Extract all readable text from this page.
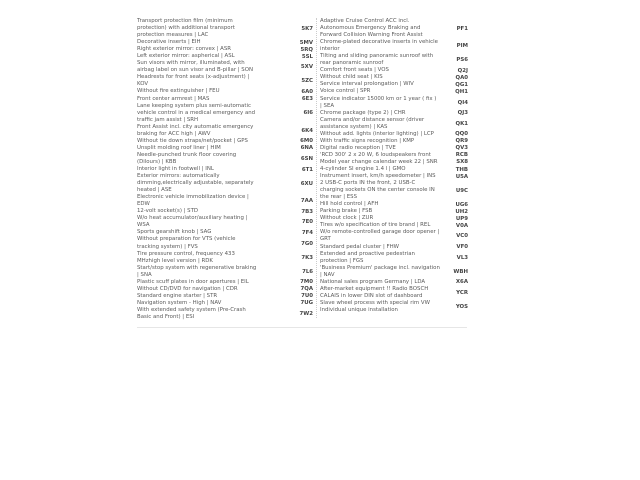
Transport protection film (minimum
protection) with additional transport
protection measures | LAC
5K7
Decorative inserts | EIH	5MV
Right exterior mirror: convex | ASR	5RQ
Left exterior mirror: aspherical | ASL	5SL
Sun visors with mirror, illuminated, with
airbag label on sun visor and B-pillar | SON	5XV
Headrests for front seats (x-adjustment) |
KOV	5ZC
Without fire extinguisher | FEU	6A0
Front center armrest | MAS	6E3
Lane keeping system plus semi-automatic
vehicle control in a medical emergency and
traffic jam assist | SRH
6I6
Front Assist incl. city automatic emergency
braking for ACC high | AWV	6K4
Without tie down straps/net/pocket | GPS	6M0
Unsplit molding roof liner | HIM	6NA
Needle-punched trunk floor covering
(Dilours) | KBB	6SN
Interior light in footwell | INL	6T1
Exterior mirrors: automatically
dimming,electrically adjustable, separately
heated | ASE
6XU
Electronic vehicle immobilization device |
EDW	7AA
12-volt socket(s) | STD	7B3
W/o heat accumulator/auxiliary heating |
WSA	7E0
Sports gearshift knob | SAG	7F4
Without preparation for VTS (vehicle
tracking system) | FVS	7G0
Tire pressure control, frequency 433
MHzhigh level version | RDK	7K3
Start/stop system with regenerative braking
| SNA	7L6
Plastic scuff plates in door apertures | EIL	7M0
Without CD/DVD for navigation | CDR	7QA
Standard engine starter | STR	7U0
Navigation system - High | NAV	7UG
With extended safety system (Pre-Crash
Basic and Front) | ESI	7W2
Adaptive Cruise Control ACC incl.
Autonomous Emergency Braking and
Forward Collision Warning Front Assist
PF1
Chrome-plated decorative inserts in vehicle
interior	PIM
Tilting and sliding panoramic sunroof with
rear panoramic sunroof	PS6
Comfort front seats | VOS	Q2J
Without child seat | KIS	QA0
Service interval prolongation | WIV	QG1
Voice control | SPR	QH1
Service indicator 15000 km or 1 year ( fix )
| SEA	QI4
Chrome package (type 2) | CHR	QJ3
Camera and/or distance sensor (driver
assistance system) | KAS	QK1
Without add. lights (interior lighting) | LCP	QQ0
With traffic signs recognition | KMP	QR9
Digital radio reception | TVE	QV3
'RCD 300' 2 x 20 W, 6 loudspeakers front	RCB
Model year change calendar week 22 | SNR	SX8
4-cylinder SI engine 1.4 l | GMO	THB
Instrument insert, km/h speedometer | INS	U5A
2 USB-C ports IN the front, 2 USB-C
charging sockets ON the center console IN
the rear | ESS
U9C
Hill hold control | AFH	UG6
Parking brake | FSB	UH2
Without clock | ZUR	UP9
Tires w/o specification of tire brand | REL	V0A
W/o remote-controlled garage door opener |
GRT	VC0
Standard pedal cluster | FHW	VF0
Extended and proactive pedestrian
protection | FGS	VL3
'Business Premium' package incl. navigation
| NAV	WBH
National sales program Germany | LDA	X6A
After-market equipment !! Radio BOSCH
CALAIS in lower DIN slot of dashboard	YCR
Slave wheel process with special rim VW
Individual unique installation	YOS
